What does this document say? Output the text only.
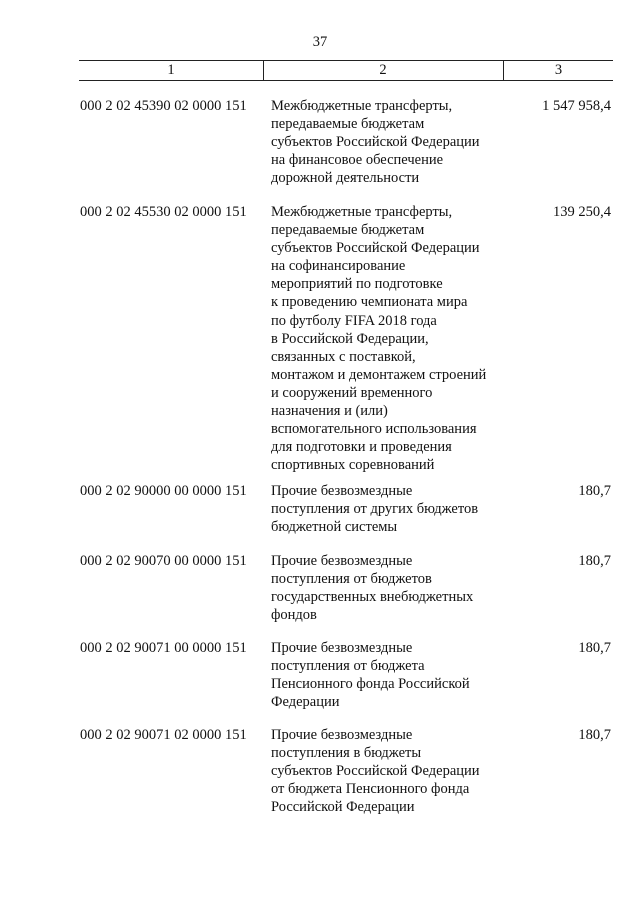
37
1	2	3
000 2 02 45390 02 0000 151 Межбюджетные трансферты,
передаваемые бюджетам
субъектов Российской Федерации
на финансовое обеспечение
дорожной деятельности
1 547 958,4
000 2 02 45530 02 0000 151 Межбюджетные трансферты,
передаваемые бюджетам
субъектов Российской Федерации
на софинансирование
мероприятий по подготовке
к проведению чемпионата мира
по футболу FIFA 2018 года
в Российской Федерации,
связанных с поставкой,
монтажом и демонтажем строений
и сооружений временного
назначения и (или)
вспомогательного использования
для подготовки и проведения
спортивных соревнований
139 250,4
000 2 02 90000 00 0000 151 Прочие безвозмездные
поступления от других бюджетов
бюджетной системы
180,7
000 2 02 90070 00 0000 151 Прочие безвозмездные
поступления от бюджетов
государственных внебюджетных
фондов
180,7
000 2 02 90071 00 0000 151 Прочие безвозмездные
поступления от бюджета
Пенсионного фонда Российской
Федерации
180,7
000 2 02 90071 02 0000 151 Прочие безвозмездные
поступления в бюджеты
субъектов Российской Федерации
от бюджета Пенсионного фонда
Российской Федерации
180,7
